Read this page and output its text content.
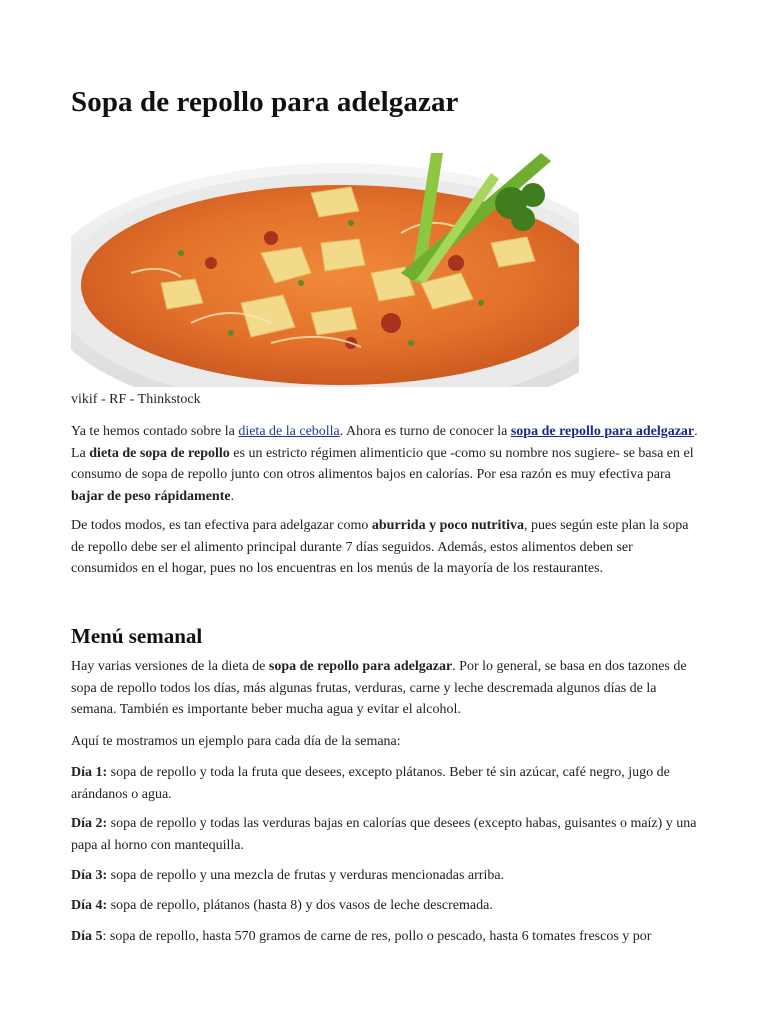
Sopa de repollo para adelgazar
vikif - RF - Thinkstock

Ya te hemos contado sobre la dieta de la cebolla. Ahora es turno de conocer la sopa de repollo para adelgazar. La dieta de sopa de repollo es un estricto régimen alimenticio que -como su nombre nos sugiere- se basa en el consumo de sopa de repollo junto con otros alimentos bajos en calorías. Por esa razón es muy efectiva para bajar de peso rápidamente.

De todos modos, es tan efectiva para adelgazar como aburrida y poco nutritiva, pues según este plan la sopa de repollo debe ser el alimento principal durante 7 días seguidos. Además, estos alimentos deben ser consumidos en el hogar, pues no los encuentras en los menús de la mayoría de los restaurantes.

Menú semanal

Hay varias versiones de la dieta de sopa de repollo para adelgazar. Por lo general, se basa en dos tazones de sopa de repollo todos los días, más algunas frutas, verduras, carne y leche descremada algunos días de la semana. También es importante beber mucha agua y evitar el alcohol.

Aquí te mostramos un ejemplo para cada día de la semana:

Día 1: sopa de repollo y toda la fruta que desees, excepto plátanos. Beber té sin azúcar, café negro, jugo de arándanos o agua.

Día 2: sopa de repollo y todas las verduras bajas en calorías que desees (excepto habas, guisantes o maíz) y una papa al horno con mantequilla.

Día 3: sopa de repollo y una mezcla de frutas y verduras mencionadas arriba.

Día 4: sopa de repollo, plátanos (hasta 8) y dos vasos de leche descremada.

Día 5: sopa de repollo, hasta 570 gramos de carne de res, pollo o pescado, hasta 6 tomates frescos y por
